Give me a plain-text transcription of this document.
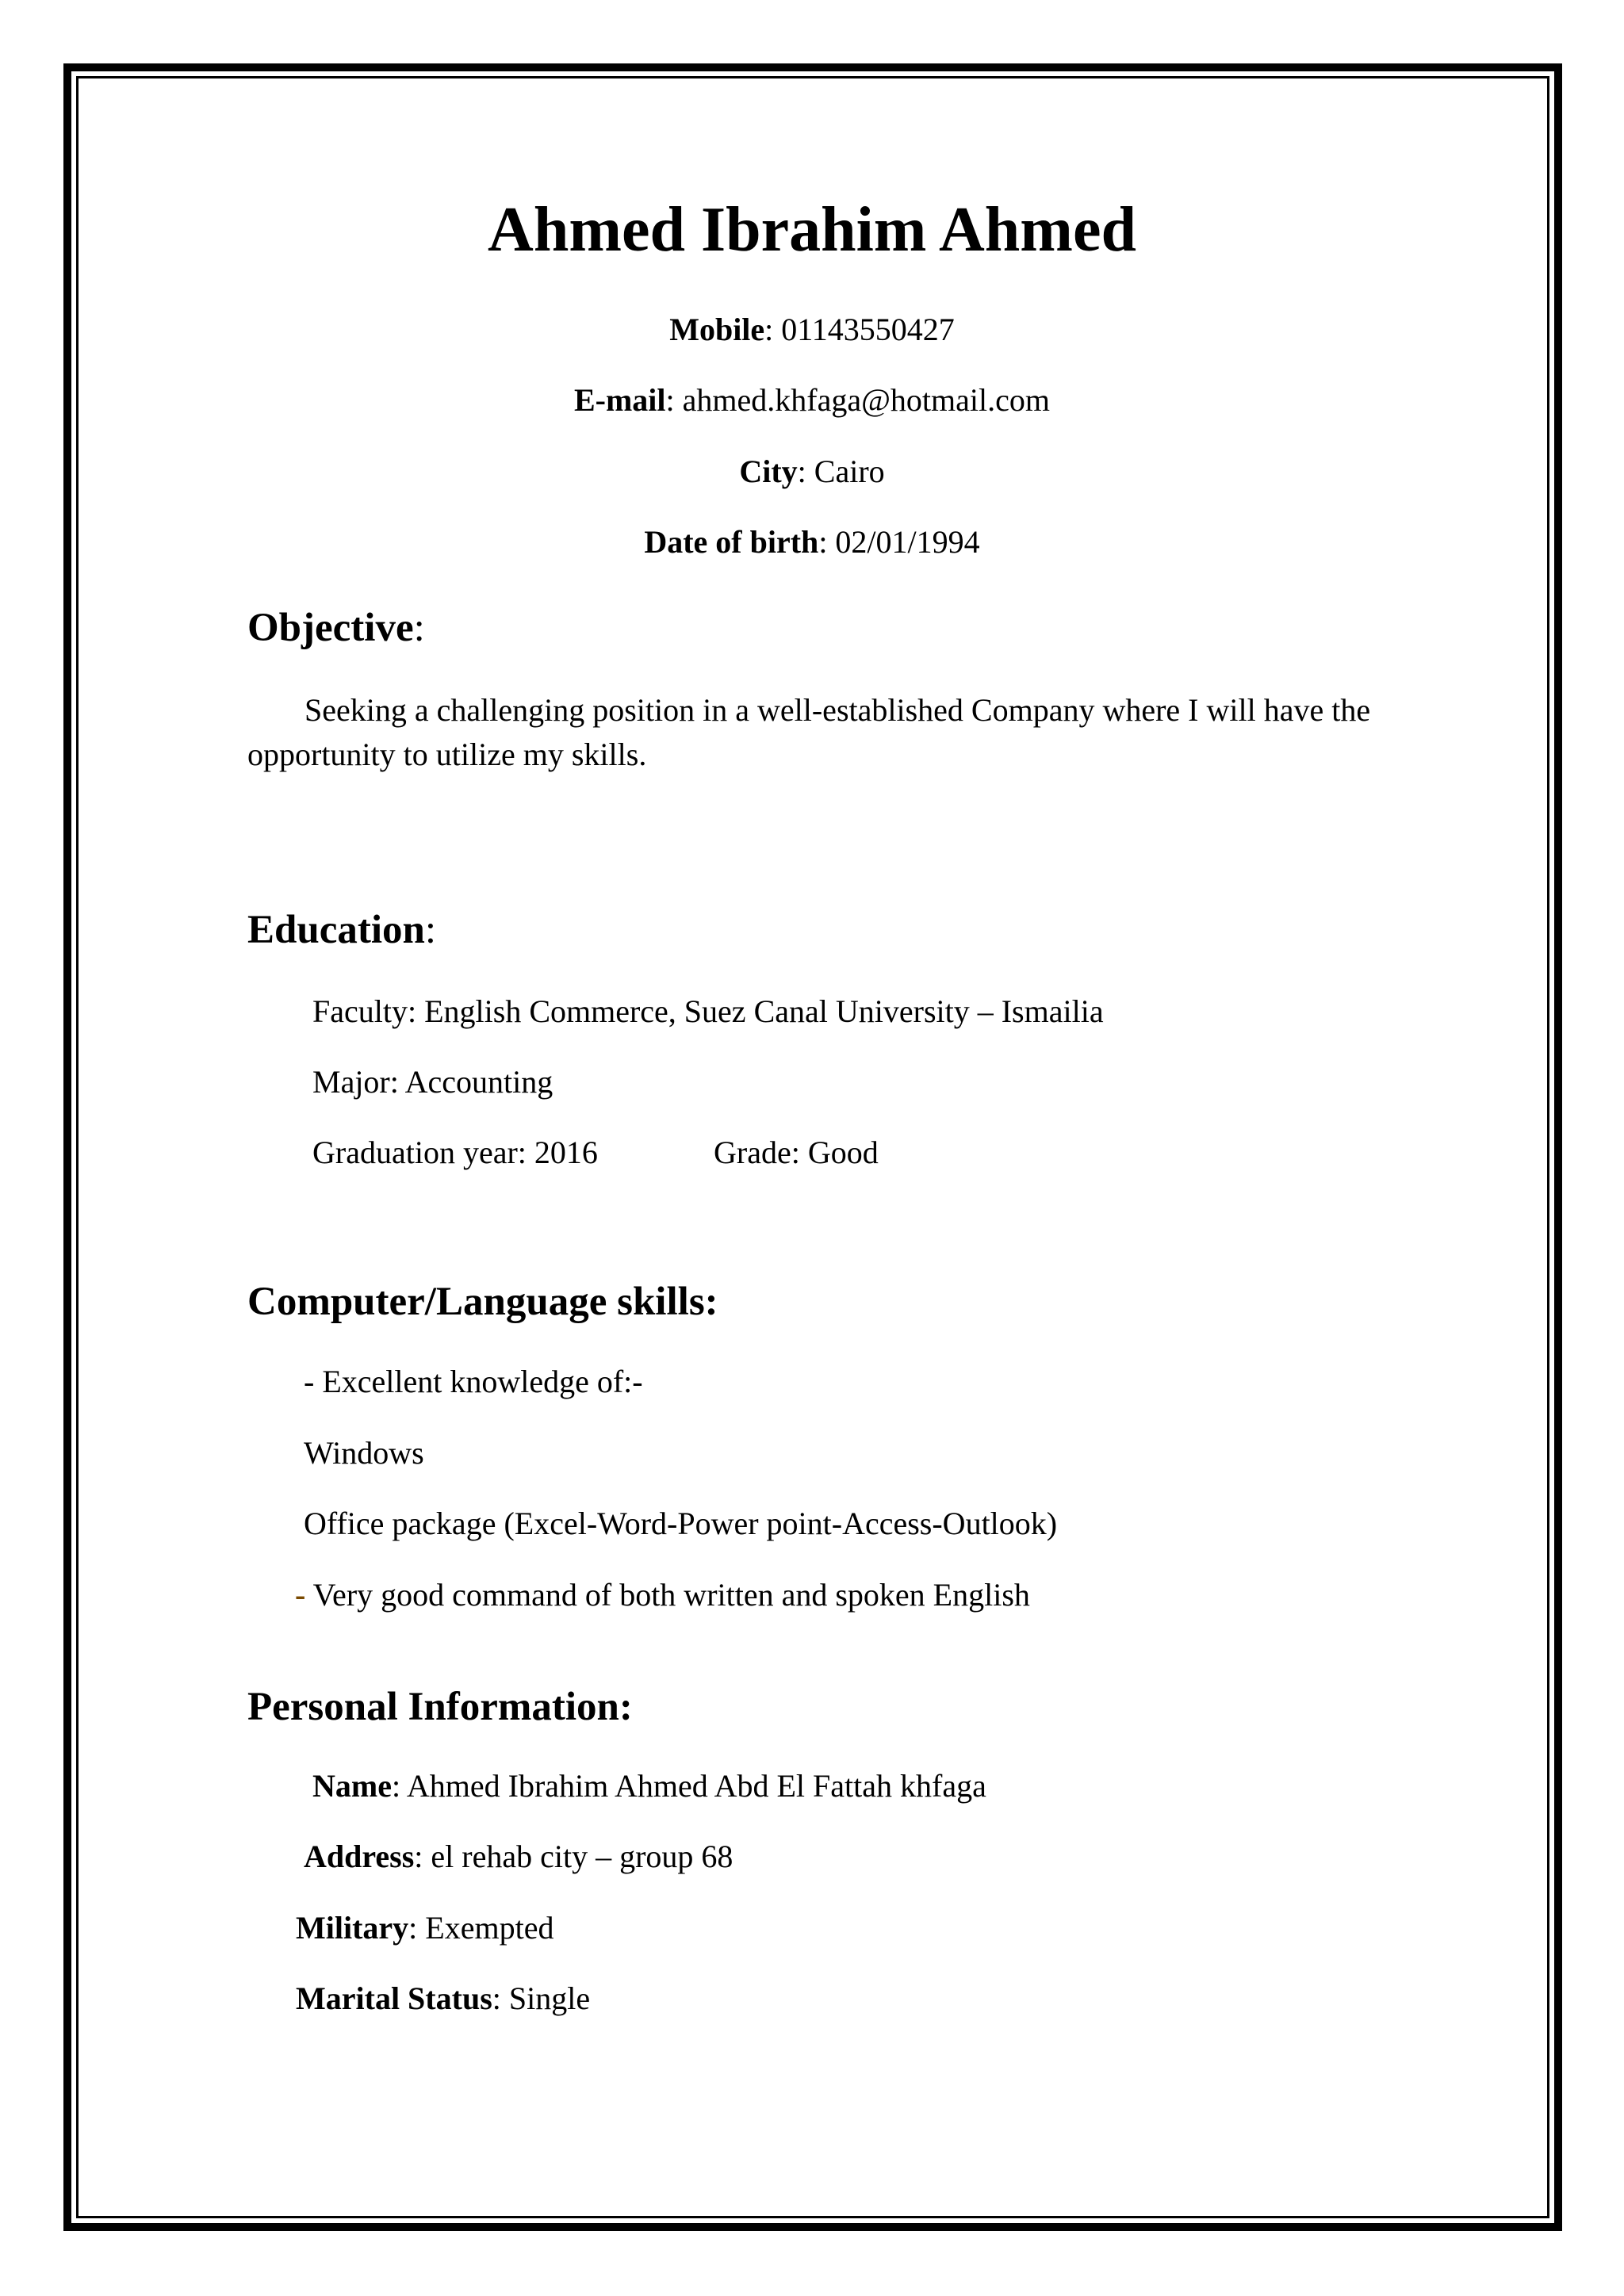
Ahmed Ibrahim Ahmed
Mobile: 01143550427
E-mail: ahmed.khfaga@hotmail.com
City: Cairo
Date of birth: 02/01/1994
Objective:
Seeking a challenging position in a well-established Company where I will have the opportunity to utilize my skills.
Education:
Faculty: English Commerce, Suez Canal University – Ismailia
Major: Accounting
Graduation year: 2016	Grade: Good
Computer/Language skills:
- Excellent knowledge of:-
Windows
Office package (Excel-Word-Power point-Access-Outlook)
- Very good command of both written and spoken English
Personal Information:
Name: Ahmed Ibrahim Ahmed Abd El Fattah khfaga
Address: el rehab city – group 68
Military: Exempted
Marital Status: Single
